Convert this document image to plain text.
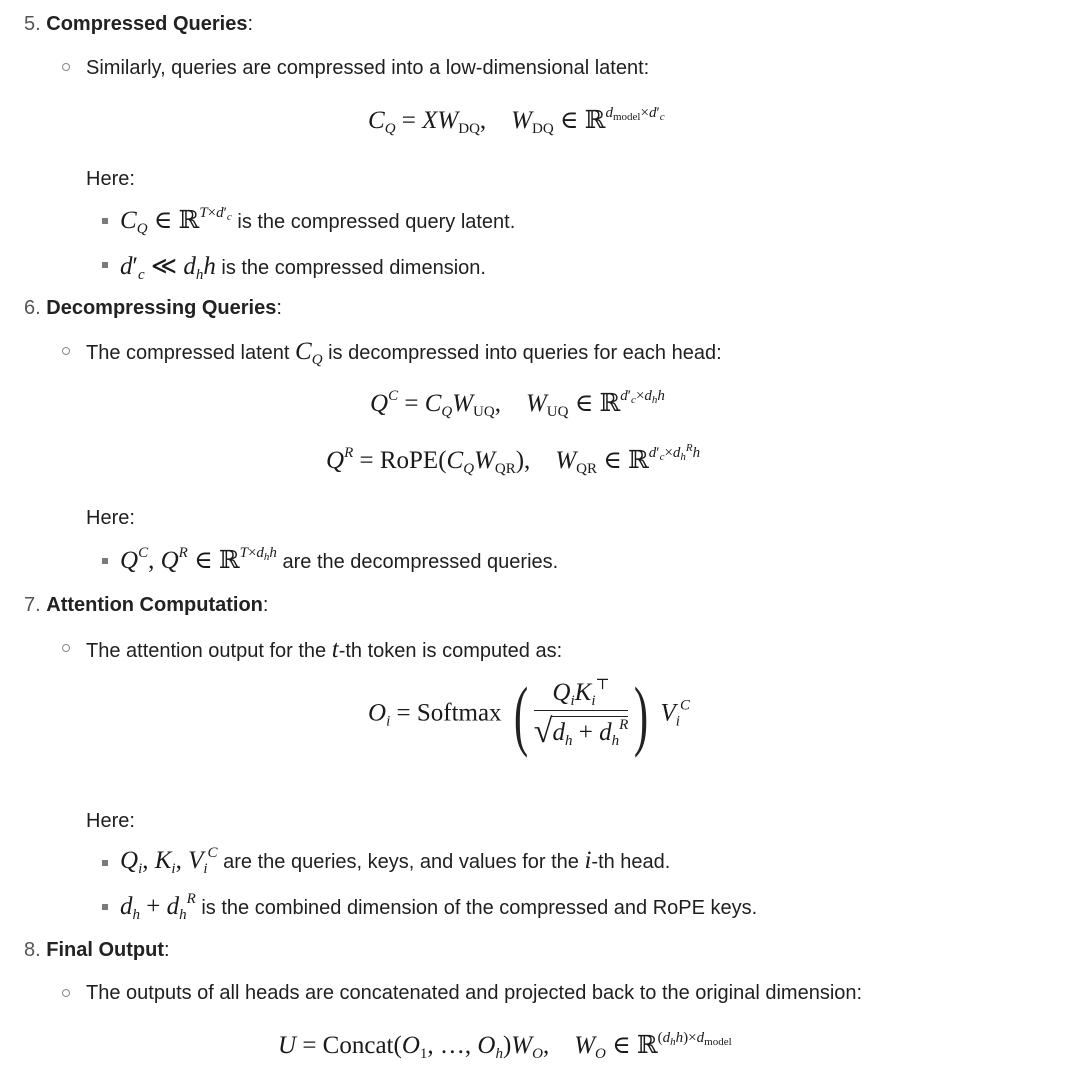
5. Compressed Queries:
Similarly, queries are compressed into a low-dimensional latent:
$C_Q = XW_{DQ}$,    $W_{DQ}$ ∈ ℝ$^{d_{model}\times d'_c}$
Here:
$C_Q$ ∈ ℝ$^{T\times d'_c}$ is the compressed query latent.
$d'_c$ ≪ $d_hh$ is the compressed dimension.
6. Decompressing Queries:
The compressed latent $C_Q$ is decompressed into queries for each head:
$Q^C = C_QW_{UQ}$,    $W_{UQ}$ ∈ ℝ$^{d'_c\times d_hh}$
$Q^R$ = $RoPE(C_QW_{QR})$,    $W_{QR}$ ∈ ℝ$^{d'_c\times d_h^Rh}$
Here:
$Q^C$, $Q^R$ ∈ ℝ$^{T\times d_hh}$ are the decompressed queries.
7. Attention Computation:
The attention output for the t-th token is computed as:
$O_i$ = Softmax ( $\frac{Q_iK_i^⊤}{√d_h + d_h^R}$ ) $V_i^C$
Here:
$Q_i$, $K_i$, $V_i^C$ are the queries, keys, and values for the i-th head.
$d_h + d_h^R$ is the combined dimension of the compressed and RoPE keys.
8. Final Output:
The outputs of all heads are concatenated and projected back to the original dimension:
$U = Concat(O_1$, …, $O_h)W_O$,    $W_O$ ∈ ℝ$^{(d_hh)\times d_{model}}$
